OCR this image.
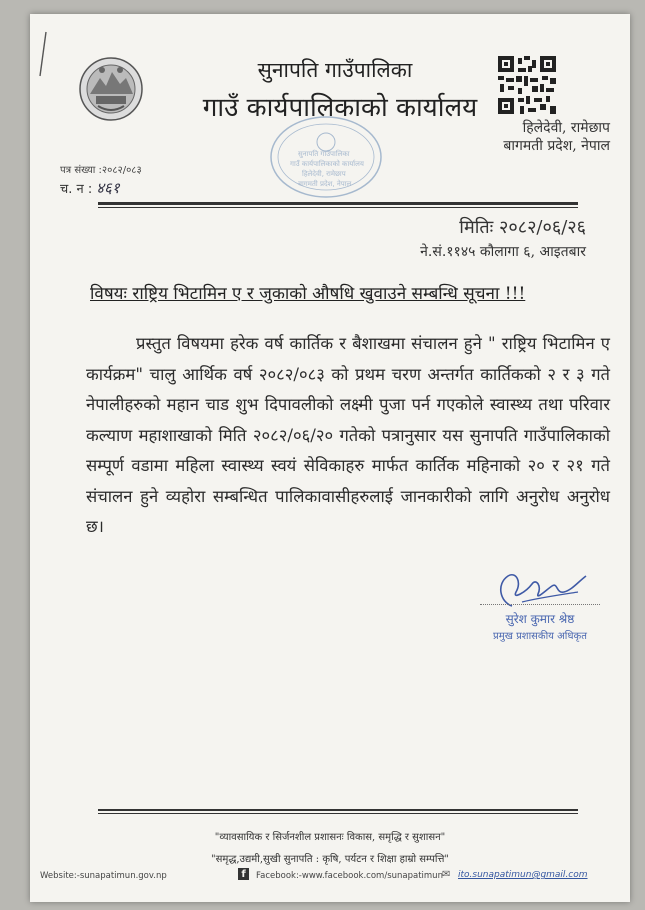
सुनापति गाउँपालिका
गाउँ कार्यपालिकाको कार्यालय
हिलेदेवी, रामेछाप
बागमती प्रदेश, नेपाल
सुनापति गाउँपालिका
गाउँ कार्यपालिकाको कार्यालय
हिलेदेवी, रामेछाप
बागमती प्रदेश, नेपाल
पत्र संख्या :२०८२/०८३
च. न : ४६१
मितिः २०८२/०६/२६
ने.सं.११४५ कौलागा ६, आइतबार
विषयः राष्ट्रिय भिटामिन ए र जुकाको औषधि खुवाउने सम्बन्धि सूचना !!!
प्रस्तुत विषयमा हरेक वर्ष कार्तिक र बैशाखमा संचालन हुने " राष्ट्रिय भिटामिन ए कार्यक्रम" चालु आर्थिक वर्ष २०८२/०८३ को प्रथम चरण अन्तर्गत कार्तिकको २ र ३ गते नेपालीहरुको महान चाड शुभ दिपावलीको लक्ष्मी पुजा पर्न गएकोले स्वास्थ्य तथा परिवार कल्याण महाशाखाको मिति २०८२/०६/२० गतेको पत्रानुसार यस सुनापति गाउँपालिकाको सम्पूर्ण वडामा महिला स्वास्थ्य स्वयं सेविकाहरु मार्फत कार्तिक महिनाको २० र २१ गते संचालन हुने व्यहोरा सम्बन्धित पालिकावासीहरुलाई जानकारीको लागि अनुरोध अनुरोध छ।
सुरेश कुमार श्रेष्ठ
प्रमुख प्रशासकीय अधिकृत
"व्यावसायिक र सिर्जनशील प्रशासनः विकास, समृद्धि र सुशासन"
"समृद्ध,उद्यमी,सुखी सुनापति : कृषि, पर्यटन र शिक्षा हाम्रो सम्पत्ति"
Website:-sunapatimun.gov.np	f	Facebook:-www.facebook.com/sunapatimun ✉ ito.sunapatimun@gmail.com
